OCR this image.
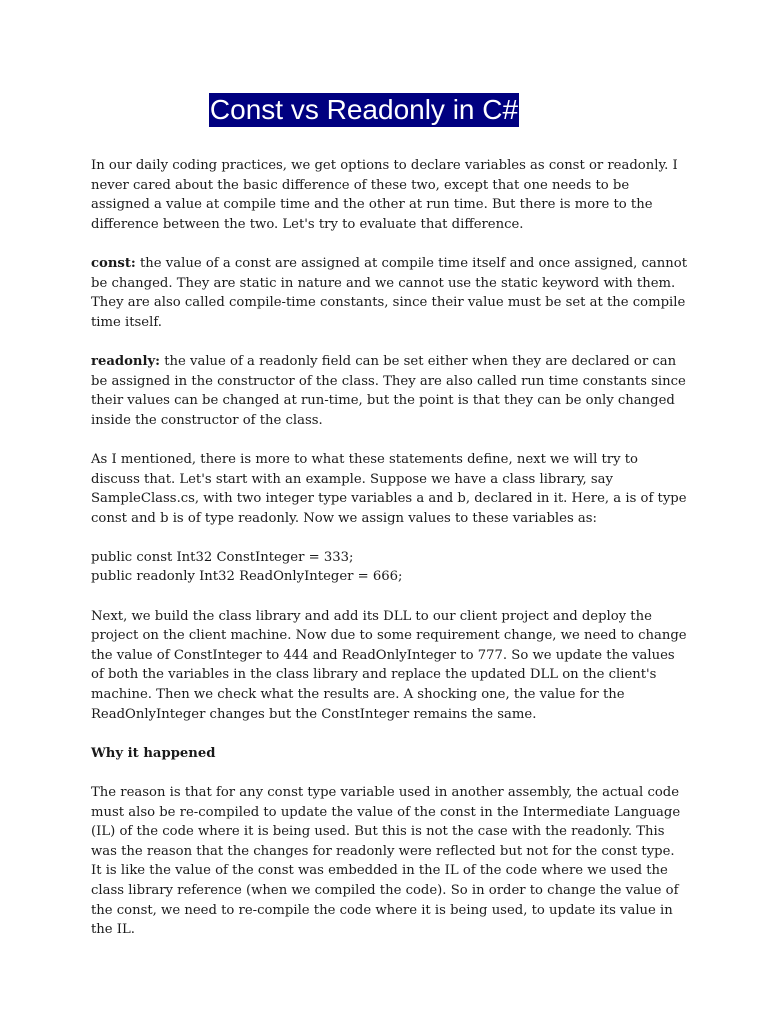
Const vs Readonly in C#

In our daily coding practices, we get options to declare variables as const or readonly. I never cared about the basic difference of these two, except that one needs to be assigned a value at compile time and the other at run time. But there is more to the difference between the two. Let's try to evaluate that difference.

const: the value of a const are assigned at compile time itself and once assigned, cannot be changed. They are static in nature and we cannot use the static keyword with them. They are also called compile-time constants, since their value must be set at the compile time itself.

readonly: the value of a readonly field can be set either when they are declared or can be assigned in the constructor of the class. They are also called run time constants since their values can be changed at run-time, but the point is that they can be only changed inside the constructor of the class.

As I mentioned, there is more to what these statements define, next we will try to discuss that. Let's start with an example. Suppose we have a class library, say SampleClass.cs, with two integer type variables a and b, declared in it. Here, a is of type const and b is of type readonly. Now we assign values to these variables as:

public const Int32 ConstInteger = 333;
public readonly Int32 ReadOnlyInteger = 666;

Next, we build the class library and add its DLL to our client project and deploy the project on the client machine. Now due to some requirement change, we need to change the value of ConstInteger to 444 and ReadOnlyInteger to 777. So we update the values of both the variables in the class library and replace the updated DLL on the client's machine. Then we check what the results are. A shocking one, the value for the ReadOnlyInteger changes but the ConstInteger remains the same.

Why it happened

The reason is that for any const type variable used in another assembly, the actual code must also be re-compiled to update the value of the const in the Intermediate Language (IL) of the code where it is being used. But this is not the case with the readonly. This was the reason that the changes for readonly were reflected but not for the const type. It is like the value of the const was embedded in the IL of the code where we used the class library reference (when we compiled the code). So in order to change the value of the const, we need to re-compile the code where it is being used, to update its value in the IL.
